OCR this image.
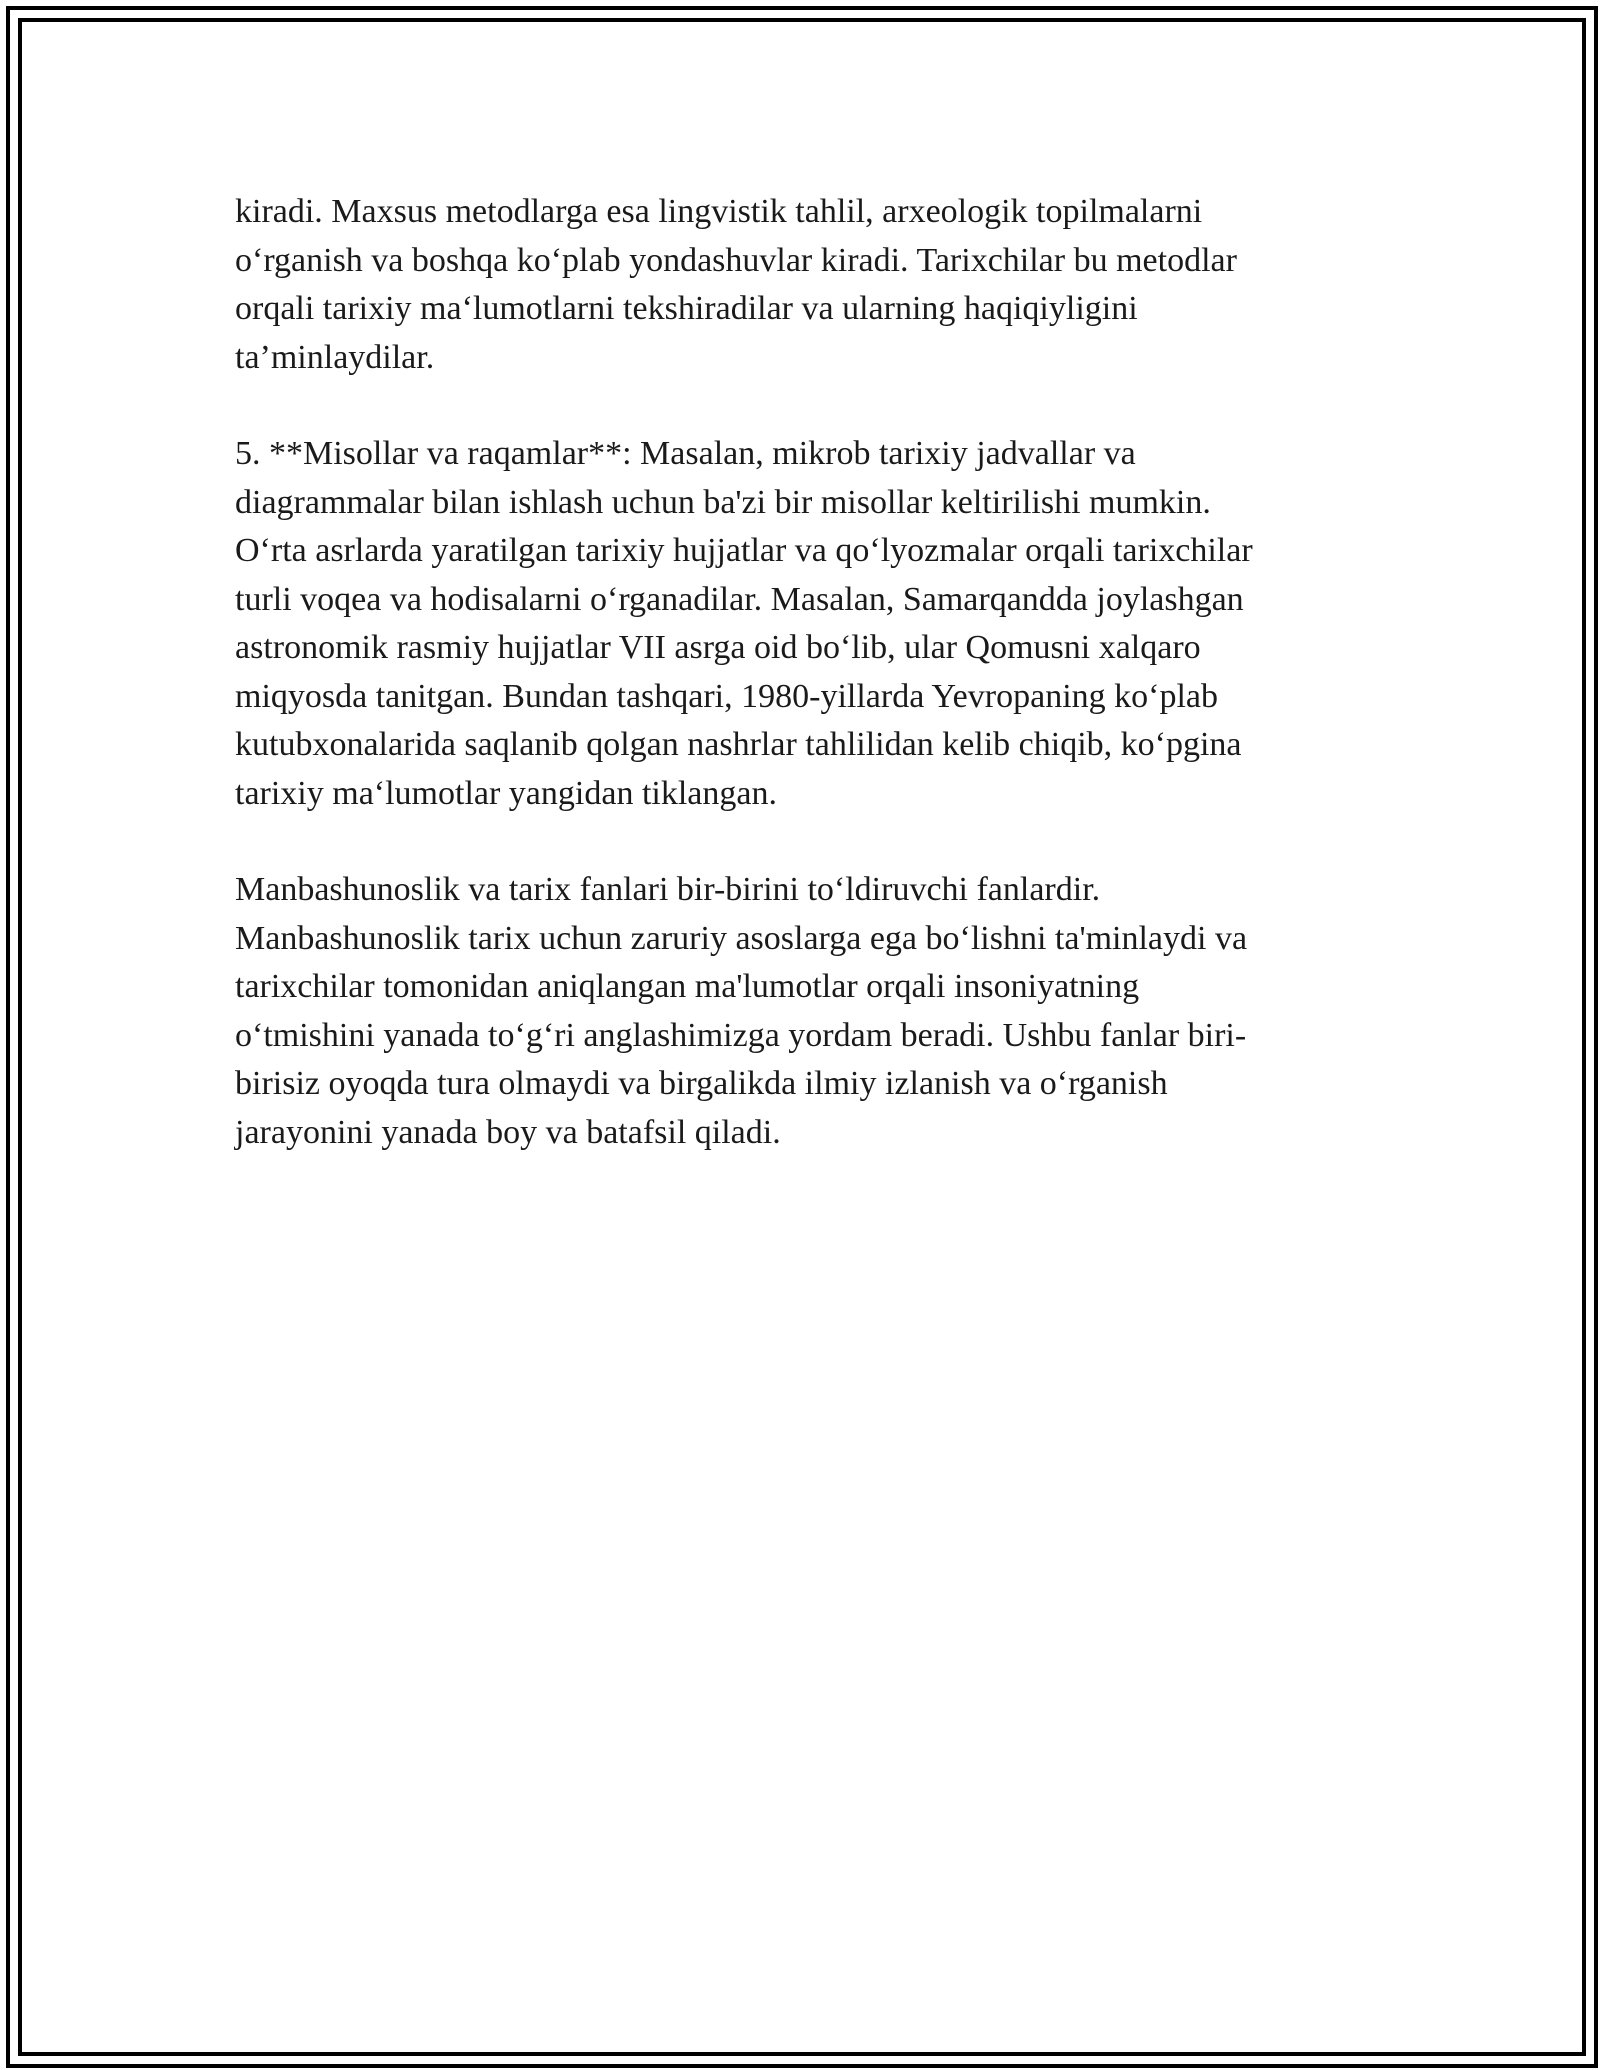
kiradi. Maxsus metodlarga esa lingvistik tahlil, arxeologik topilmalarni
o‘rganish va boshqa ko‘plab yondashuvlar kiradi. Tarixchilar bu metodlar
orqali tarixiy ma‘lumotlarni tekshiradilar va ularning haqiqiyligini
ta’minlaydilar.

5. **Misollar va raqamlar**: Masalan, mikrob tarixiy jadvallar va
diagrammalar bilan ishlash uchun ba'zi bir misollar keltirilishi mumkin.
O‘rta asrlarda yaratilgan tarixiy hujjatlar va qo‘lyozmalar orqali tarixchilar
turli voqea va hodisalarni o‘rganadilar. Masalan, Samarqandda joylashgan
astronomik rasmiy hujjatlar VII asrga oid bo‘lib, ular Qomusni xalqaro
miqyosda tanitgan. Bundan tashqari, 1980-yillarda Yevropaning ko‘plab
kutubxonalarida saqlanib qolgan nashrlar tahlilidan kelib chiqib, ko‘pgina
tarixiy ma‘lumotlar yangidan tiklangan.

Manbashunoslik va tarix fanlari bir-birini to‘ldiruvchi fanlardir.
Manbashunoslik tarix uchun zaruriy asoslarga ega bo‘lishni ta'minlaydi va
tarixchilar tomonidan aniqlangan ma'lumotlar orqali insoniyatning
o‘tmishini yanada to‘g‘ri anglashimizga yordam beradi. Ushbu fanlar biri-
birisiz oyoqda tura olmaydi va birgalikda ilmiy izlanish va o‘rganish
jarayonini yanada boy va batafsil qiladi.
